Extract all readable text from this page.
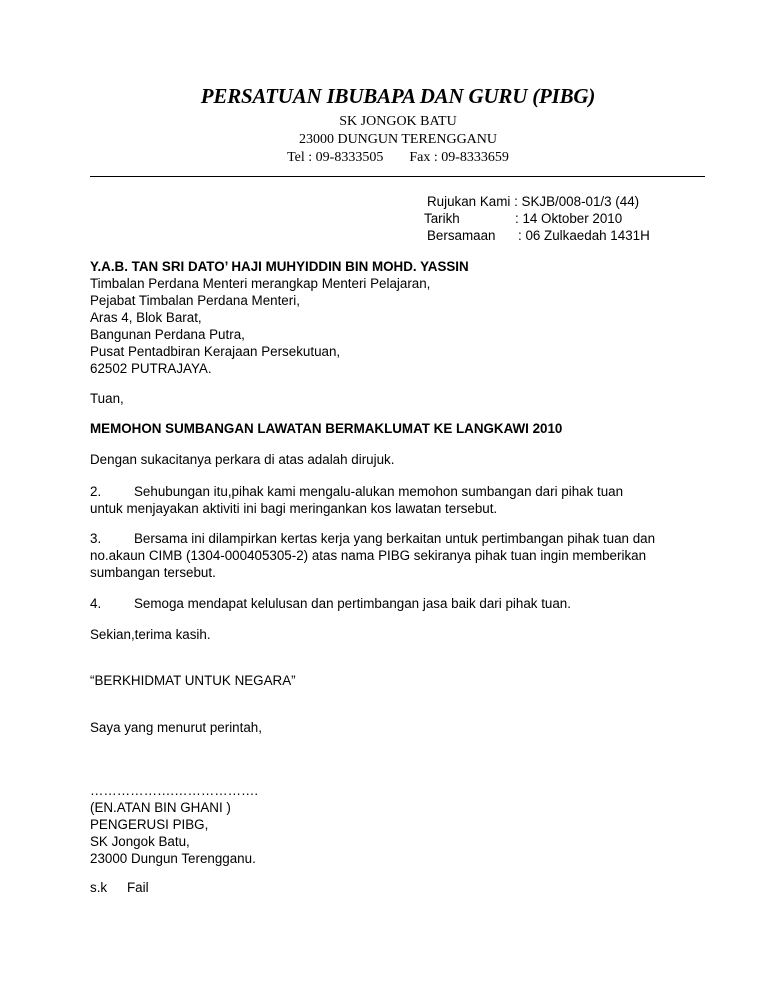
PERSATUAN IBUBAPA DAN GURU (PIBG)
SK JONGOK BATU
23000 DUNGUN TERENGGANU
Tel : 09-8333505 Fax : 09-8333659
Rujukan Kami : SKJB/008-01/3 (44)
Tarikh	: 14 Oktober 2010
Bersamaan : 06 Zulkaedah 1431H
Y.A.B. TAN SRI DATO’ HAJI MUHYIDDIN BIN MOHD. YASSIN
Timbalan Perdana Menteri merangkap Menteri Pelajaran,
Pejabat Timbalan Perdana Menteri,
Aras 4, Blok Barat,
Bangunan Perdana Putra,
Pusat Pentadbiran Kerajaan Persekutuan,
62502 PUTRAJAYA.
Tuan,
MEMOHON SUMBANGAN LAWATAN BERMAKLUMAT KE LANGKAWI 2010
Dengan sukacitanya perkara di atas adalah dirujuk.
2. Sehubungan itu,pihak kami mengalu-alukan memohon sumbangan dari pihak tuan
untuk menjayakan aktiviti ini bagi meringankan kos lawatan tersebut.
3. Bersama ini dilampirkan kertas kerja yang berkaitan untuk pertimbangan pihak tuan dan
no.akaun CIMB (1304-000405305-2) atas nama PIBG sekiranya pihak tuan ingin memberikan
sumbangan tersebut.
4. Semoga mendapat kelulusan dan pertimbangan jasa baik dari pihak tuan.
Sekian,terima kasih.
“BERKHIDMAT UNTUK NEGARA”
Saya yang menurut perintah,
……………….……………….
(EN.ATAN BIN GHANI )
PENGERUSI PIBG,
SK Jongok Batu,
23000 Dungun Terengganu.
s.k Fail
